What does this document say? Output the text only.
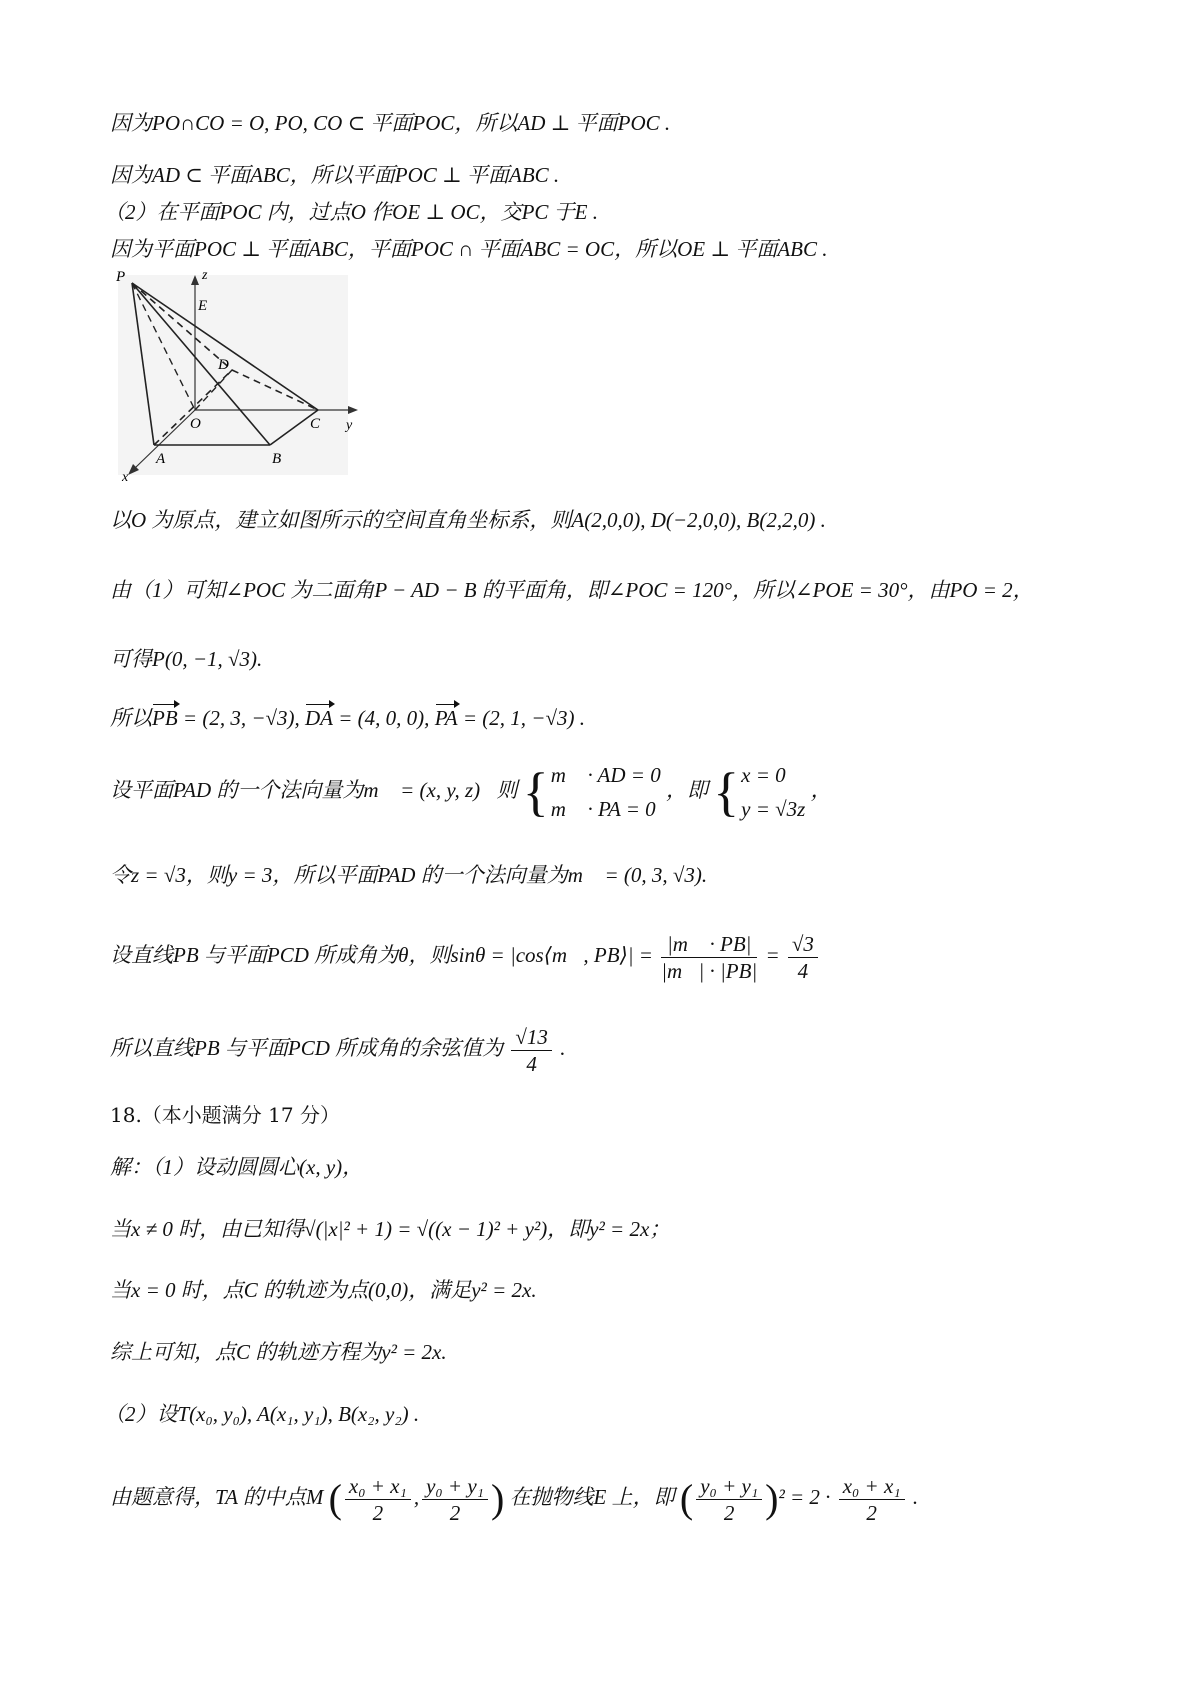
因为PO∩CO = O, PO, CO ⊂ 平面POC，所以AD ⊥ 平面POC .
因为AD ⊂ 平面ABC，所以平面POC ⊥ 平面ABC .
（2）在平面POC 内，过点O 作OE ⊥ OC，交PC 于E .
因为平面POC ⊥ 平面ABC，平面POC ∩ 平面ABC = OC，所以OE ⊥ 平面ABC .
P	z
E
D
O	C y
A	B
x
以O 为原点，建立如图所示的空间直角坐标系，则A(2,0,0), D(−2,0,0), B(2,2,0) .
由（1）可知∠POC 为二面角P − AD − B 的平面角，即∠POC = 120°，所以∠POE = 30°，由PO = 2，
可得P(0, −1, √3).
所以PB = (2, 3, −√3), DA = (4, 0, 0), PA = (2, 1, −√3) .
设平面PAD 的一个法向量为m⃗ = (x, y, z)，则 { m⃗ · AD = 0
m⃗ · PA = 0
，即 { x = 0
y = √3z
，
令z = √3，则y = 3，所以平面PAD 的一个法向量为m⃗ = (0, 3, √3).
设直线PB 与平面PCD 所成角为θ，则sinθ = |cos⟨m⃗, PB⟩| = $\frac{|m⃗ \cdot PB|}{|m⃗| \cdot |PB|} = \frac{√3}{4}$
所以直线PB 与平面PCD 所成角的余弦值为 $\frac{√13}{4}$ .
18.（本小题满分 17 分）
解：（1）设动圆圆心(x, y)，
当x ≠ 0 时，由已知得√(|x|² + 1) = √((x − 1)² + y²)，即y² = 2x；
当x = 0 时，点C 的轨迹为点(0,0)，满足y² = 2x.
综上可知，点C 的轨迹方程为y² = 2x.
（2）设T(x₀, y₀), A(x₁, y₁), B(x₂, y₂) .
由题意得，TA 的中点M ( $\frac{\text{x₀ + x₁}}{2}$ , $\frac{\text{y₀ + y₁}}{2}$ ) 在抛物线E 上，即 ( $\frac{\text{y₀ + y₁}}{2} )^2 = 2 \cdot \frac{\text{x₀ + x₁}}{2}$ .
